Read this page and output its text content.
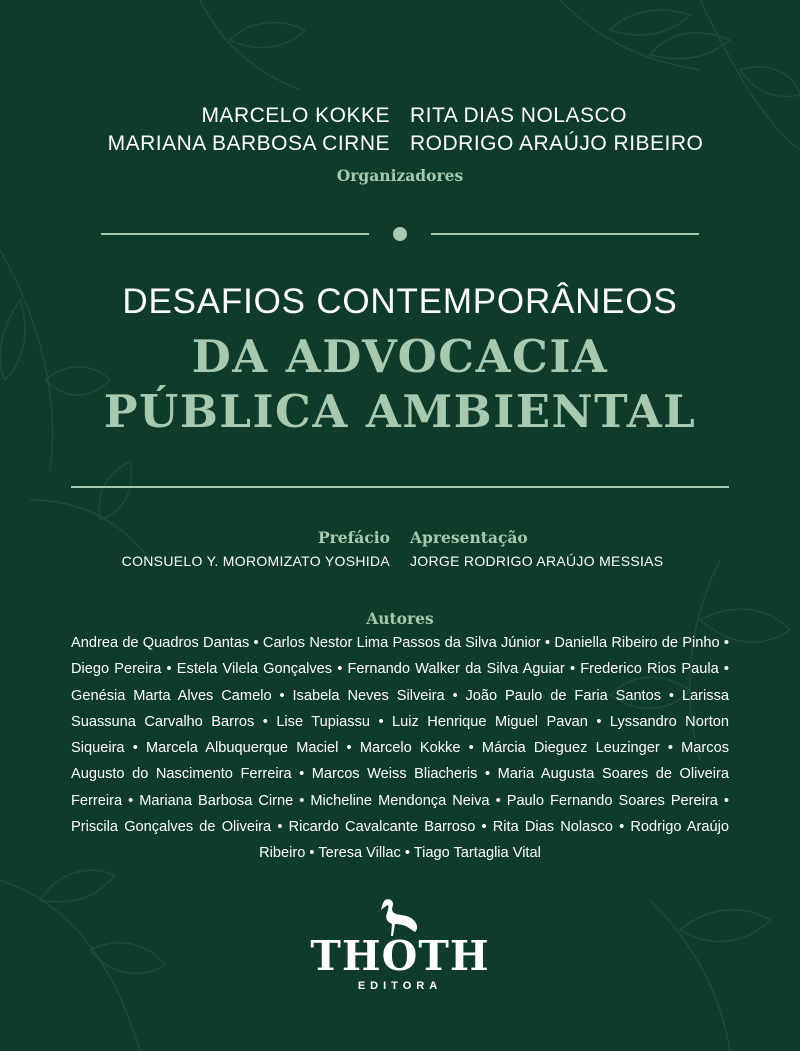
MARCELO KOKKE RITA DIAS NOLASCO
MARIANA BARBOSA CIRNE RODRIGO ARAÚJO RIBEIRO
Organizadores
DESAFIOS CONTEMPORÂNEOS
DA ADVOCACIA
PÚBLICA AMBIENTAL
Prefácio
CONSUELO Y. MOROMIZATO YOSHIDA
Apresentação
JORGE RODRIGO ARAÚJO MESSIAS
Autores
Andrea de Quadros Dantas • Carlos Nestor Lima Passos da Silva Júnior • Daniella Ribeiro de Pinho • Diego Pereira • Estela Vilela Gonçalves • Fernando Walker da Silva Aguiar • Frederico Rios Paula • Genésia Marta Alves Camelo • Isabela Neves Silveira • João Paulo de Faria Santos • Larissa Suassuna Carvalho Barros • Lise Tupiassu • Luiz Henrique Miguel Pavan • Lyssandro Norton Siqueira • Marcela Albuquerque Maciel • Marcelo Kokke • Márcia Dieguez Leuzinger • Marcos Augusto do Nascimento Ferreira • Marcos Weiss Bliacheris • Maria Augusta Soares de Oliveira Ferreira • Mariana Barbosa Cirne • Micheline Mendonça Neiva • Paulo Fernando Soares Pereira • Priscila Gonçalves de Oliveira • Ricardo Cavalcante Barroso • Rita Dias Nolasco • Rodrigo Araújo Ribeiro • Teresa Villac • Tiago Tartaglia Vital
THOTH
EDITORA
